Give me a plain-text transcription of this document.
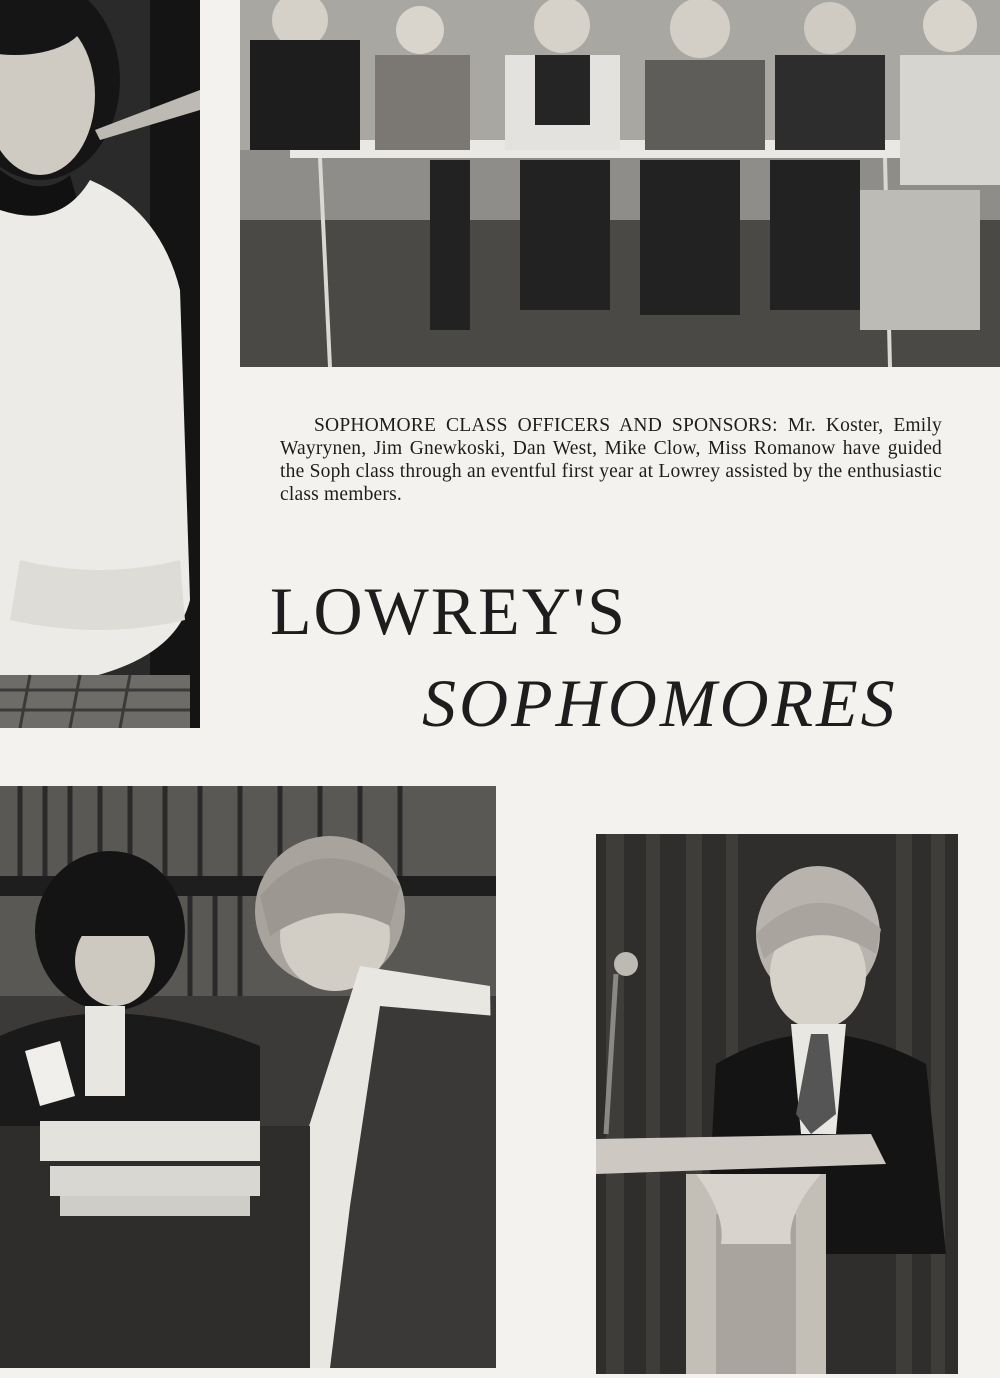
SOPHOMORE CLASS OFFICERS AND SPONSORS: Mr. Koster, Emily Wayrynen, Jim Gnewkoski, Dan West, Mike Clow, Miss Romanow have guided the Soph class through an eventful first year at Lowrey assisted by the enthusiastic class members.

LOWREY'S
SOPHOMORES
